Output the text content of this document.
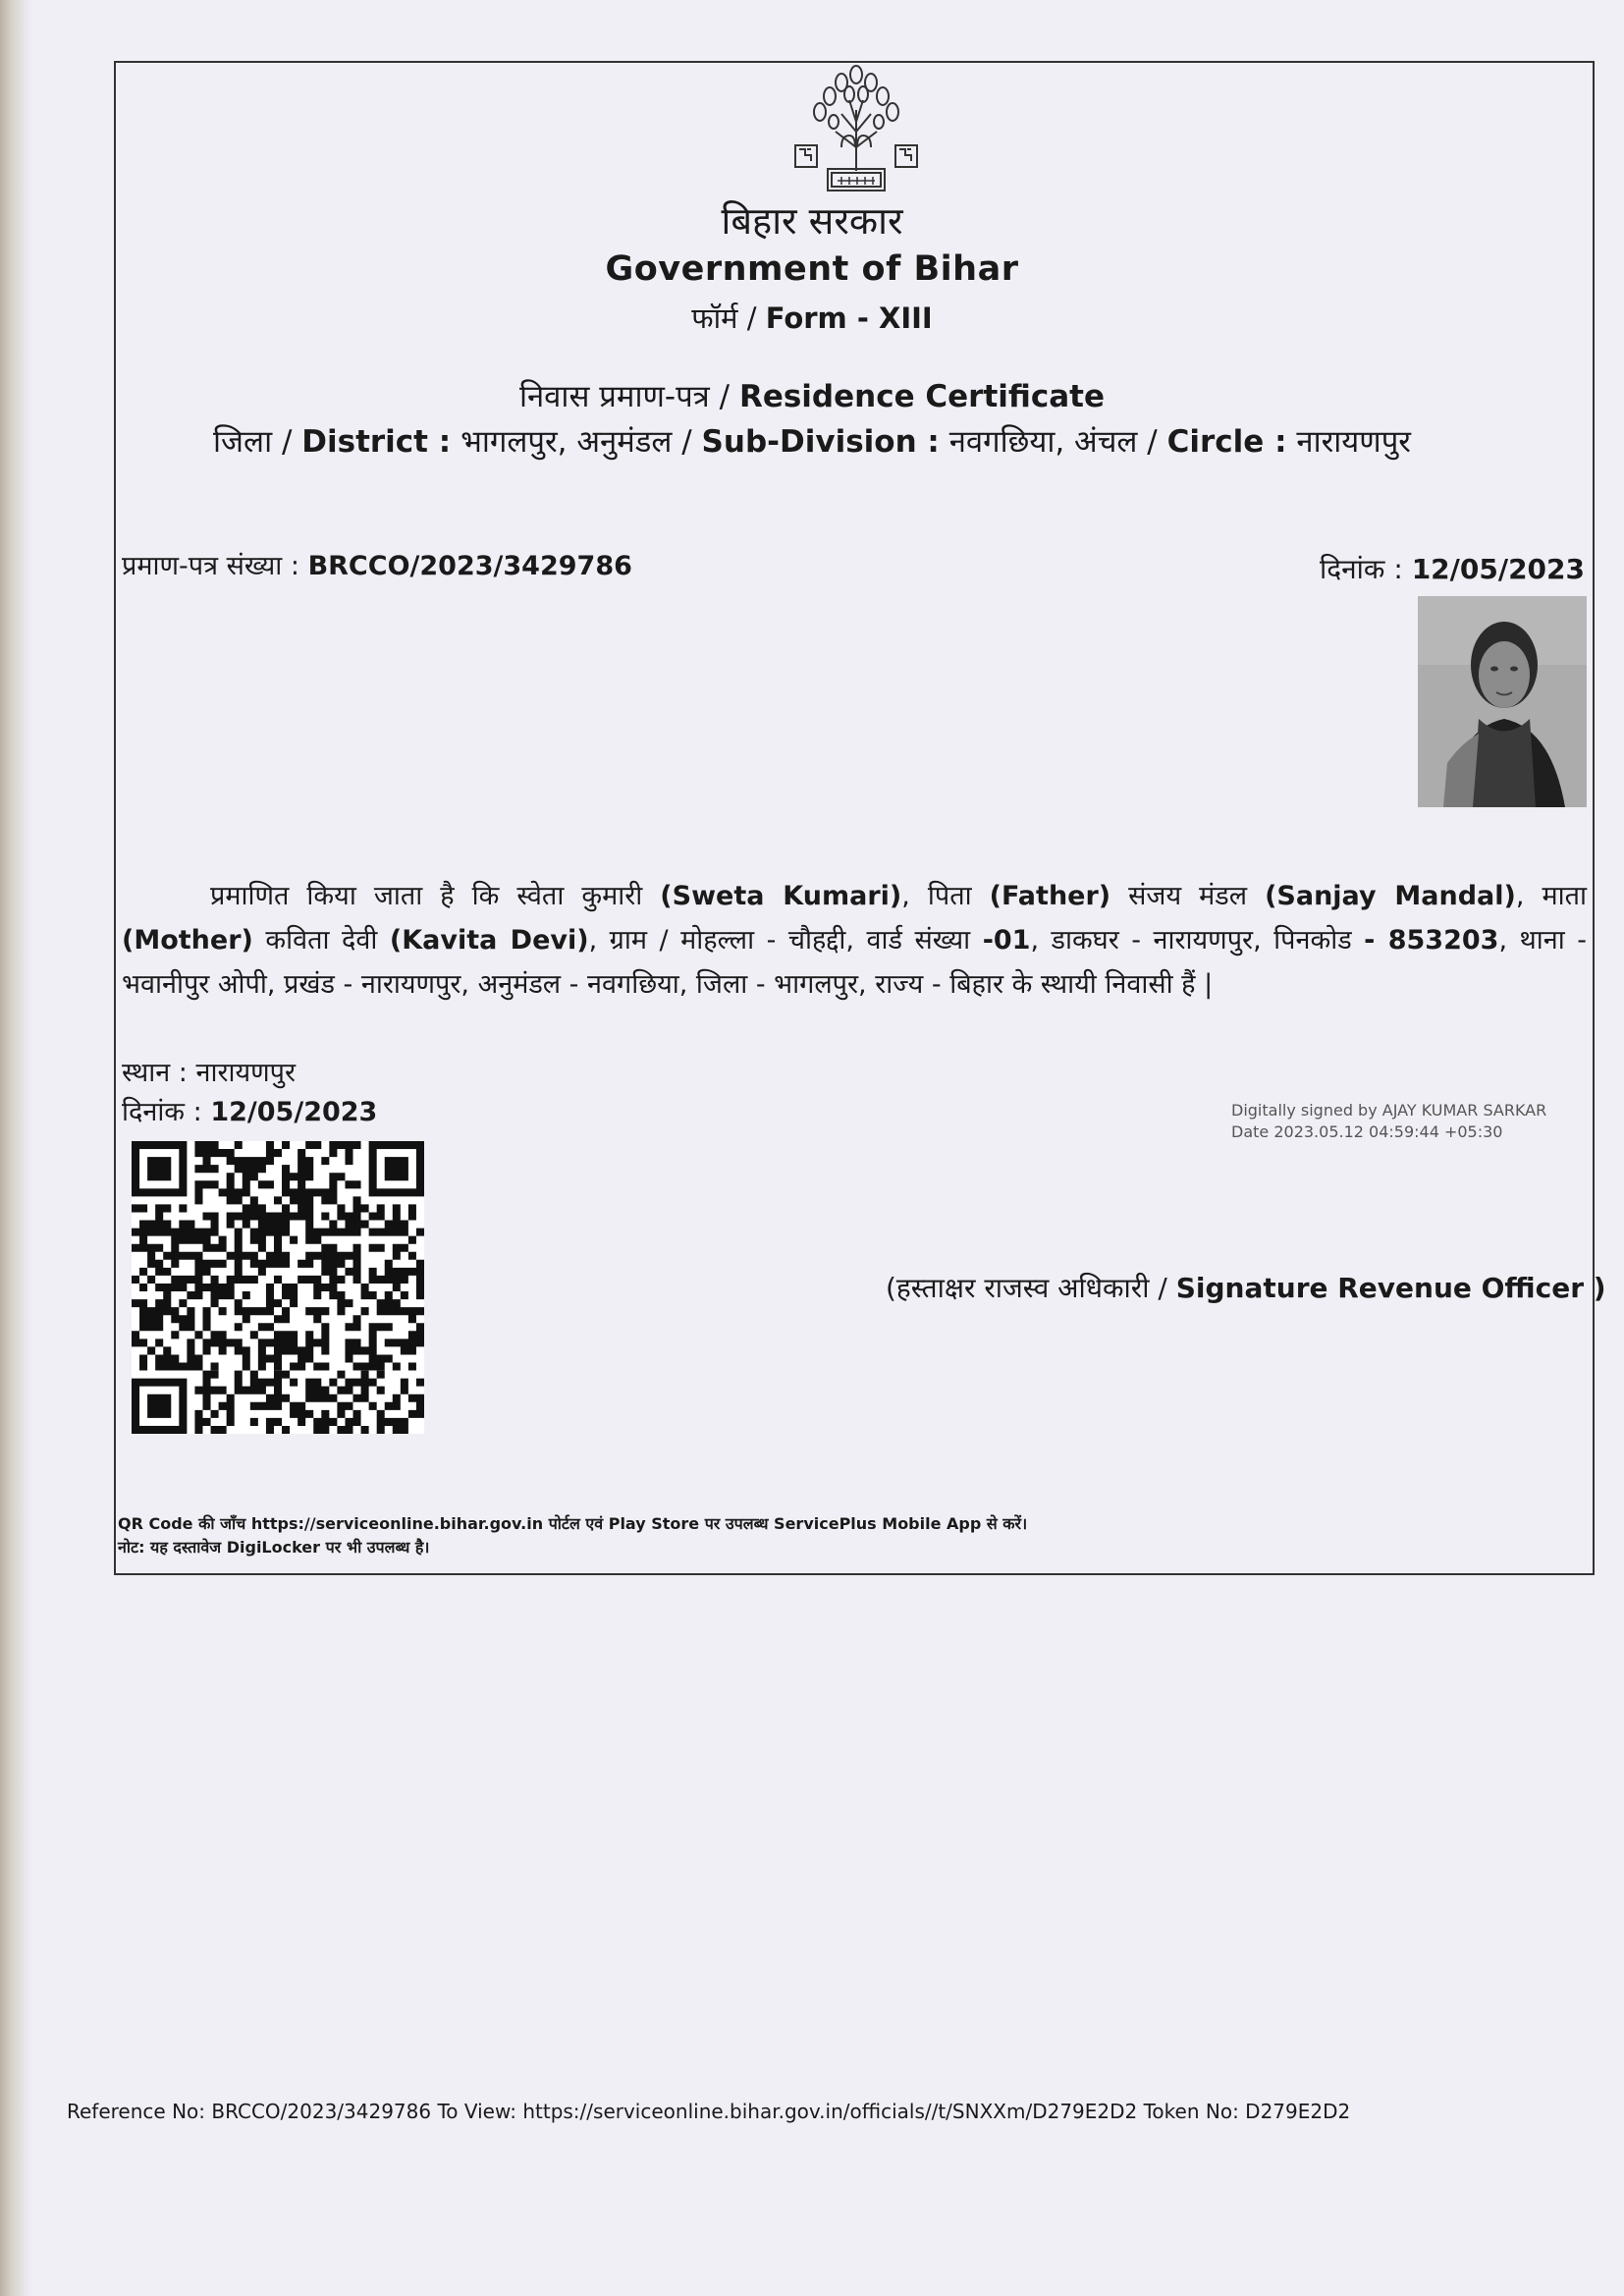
बिहार सरकार
Government of Bihar
फॉर्म / Form - XIII
निवास प्रमाण-पत्र / Residence Certificate
जिला / District : भागलपुर, अनुमंडल / Sub-Division : नवगछिया, अंचल / Circle : नारायणपुर
प्रमाण-पत्र संख्या : BRCCO/2023/3429786	दिनांक : 12/05/2023
प्रमाणित किया जाता है कि स्वेता कुमारी (Sweta Kumari), पिता (Father) संजय मंडल (Sanjay Mandal), माता (Mother) कविता देवी (Kavita Devi), ग्राम / मोहल्ला - चौहद्दी, वार्ड संख्या -01, डाकघर - नारायणपुर, पिनकोड - 853203, थाना - भवानीपुर ओपी, प्रखंड - नारायणपुर, अनुमंडल - नवगछिया, जिला - भागलपुर, राज्य - बिहार के स्थायी निवासी हैं |
स्थान : नारायणपुर
दिनांक : 12/05/2023	Digitally signed by AJAY KUMAR SARKAR
Date 2023.05.12 04:59:44 +05:30
(हस्ताक्षर राजस्व अधिकारी / Signature Revenue Officer )
QR Code की जाँच https://serviceonline.bihar.gov.in पोर्टल एवं Play Store पर उपलब्ध ServicePlus Mobile App से करें।
नोट: यह दस्तावेज DigiLocker पर भी उपलब्ध है।
Reference No: BRCCO/2023/3429786 To View: https://serviceonline.bihar.gov.in/officials//t/SNXXm/D279E2D2 Token No: D279E2D2
